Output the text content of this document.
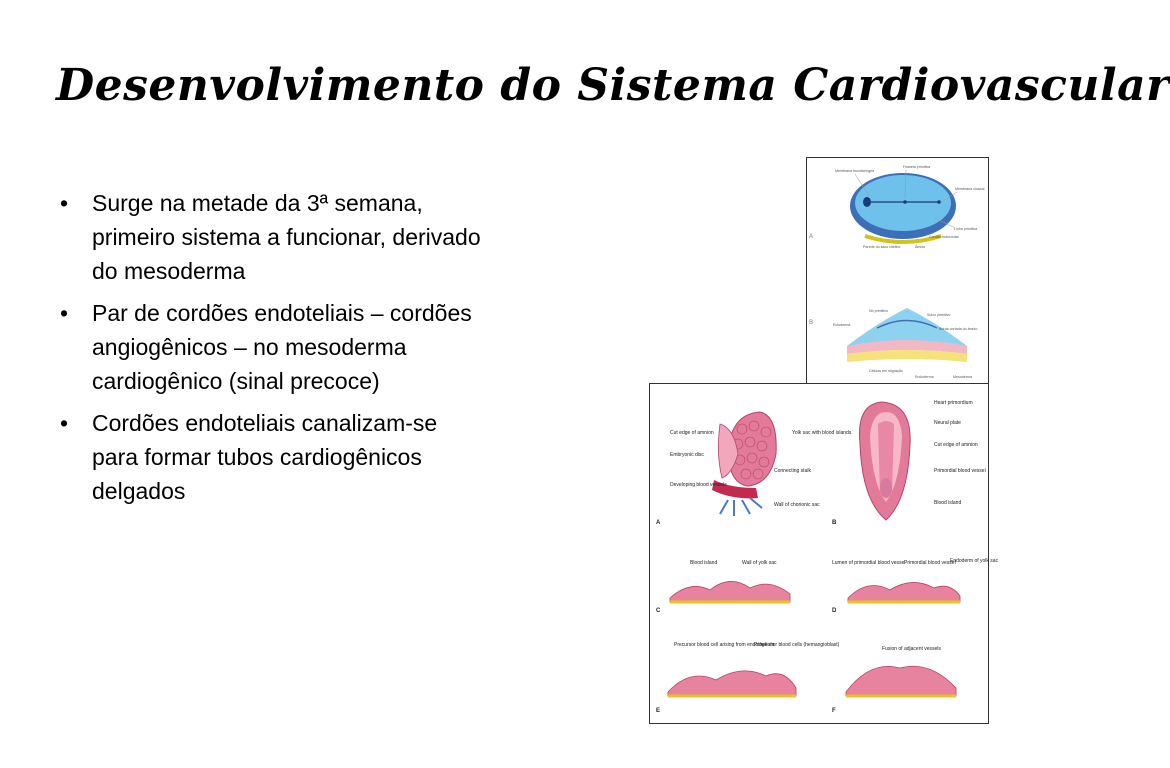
Desenvolvimento do Sistema Cardiovascular
• Surge na metade da 3ª semana, primeiro sistema a funcionar, derivado do mesoderma
• Par de cordões endoteliais – cordões angiogênicos – no mesoderma cardiogênico (sinal precoce)
• Cordões endoteliais canalizam-se para formar tubos cardiogênicos delgados
Membrana bucofaríngea
Fosseta primitiva
Membrana cloacal
Linha primitiva
Cordão notocordal
Parede do saco vitelino	Âmnio
A
Nó primitivo
Ectoderma
Sulco primitivo
Borda cortada do âmnio
Mesoderma
Células em migração
Endoderma
B
Cut edge of amnion
Embryonic disc
Developing blood vessels
Yolk sac with blood islands
Connecting stalk
Wall of chorionic sac
A
Heart primordium
Neural plate
Cut edge of amnion
Primordial blood vessel
Blood island
B
Blood island	Wall of yolk sac
C
Lumen of primordial blood vessel
Primordial blood vessel
Endoderm of yolk sac
D
Precursor blood cell arising from endothelium
Progenitor blood cells (hemangioblast)
E
Fusion of adjacent vessels
F
